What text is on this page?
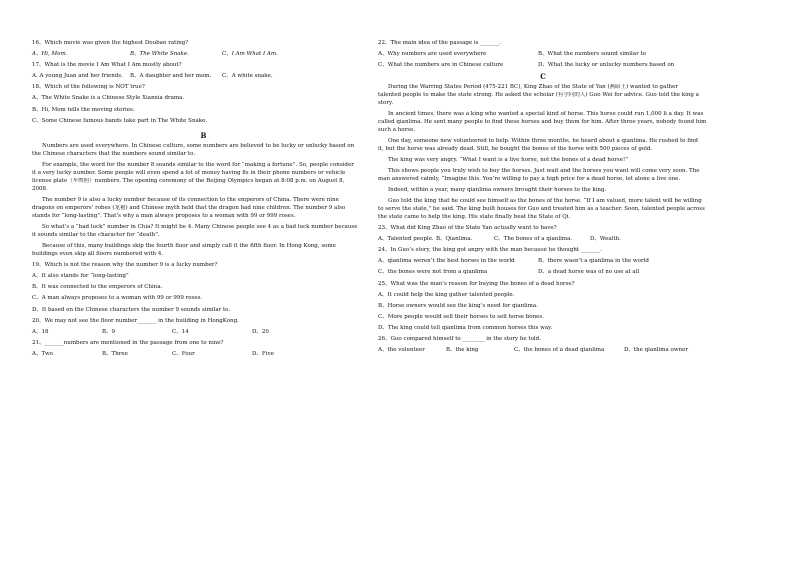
16、Which movie was given the highest Douban rating?
A、Hi, Mom.	B、The White Snake.	C、I Am What I Am.
17、What is the movie I Am What I Am mostly about?
A. A young Juan and her friends.	B、A daughter and her mom.	C、A white snake.
18、Which of the following is NOT true?
A、The White Snake is a Chinese Style Xianxia drama.
B、Hi, Mom tells the moving stories.
C、Some Chinese famous bands take part in The White Snake.
B
Numbers are used everywhere. In Chinese culture, some numbers are believed to be lucky or unlucky based on
the Chinese characters that the numbers sound similar to.
For example, the word for the number 8 sounds similar to the word for “making a fortune”. So, people consider
it a very lucky number. Some people will even spend a lot of money having 8s in their phone numbers or vehicle
license plate（车牌照）numbers. The opening ceremony of the Beijing Olympics began at 8:08 p.m. on August 8,
2008.
The number 9 is also a lucky number because of its connection to the emperors of China. There were nine
dragons on emperors’ robes (龙袍) and Chinese myth held that the dragon had nine children. The number 9 also
stands for “long-lasting”. That’s why a man always proposes to a woman with 99 or 999 roses.
So what’s a “bad luck” number in Chia? It might be 4. Many Chinese people see 4 as a bad luck number because
it sounds similar to the character for “death”.
Because of this, many buildings skip the fourth floor and simply call it the fifth floor. In Hong Kong, some
buildings even skip all floors numbered with 4.
19、Which is not the reason why the number 9 is a lucky number?
A、It also stands for “long-lasting”
B、It was connected to the emperors of China.
C、A man always proposes to a woman with 99 or 999 roses.
D、It based on the Chinese characters the number 9 sounds similar to.
20、We may not see the floor number_______ in the building in HongKong.
A、18	B、9	C、14	D、20
21、_______numbers are mentioned in the passage from one to nine?
A、Two	B、Three	C、Four	D、Five
22、The main idea of the passage is _______.
A、Why numbers are used everywhere	B、What the numbers sound similar to
C、What the numbers are in Chinese culture	D、What the lucky or unlucky numbers based on
C
During the Warring States Period (475-221 BC), King Zhao of the State of Yan (燕昭王) wanted to gather
talented people to make the state strong. He asked the scholar (有学问的人) Guo Wei for advice. Guo told the king a
story.
In ancient times, there was a king who wanted a special kind of horse. This horse could run 1,000 li a day. It was
called qianlima. He sent many people to find these horses and buy them for him. After three years, nobody found him
such a horse.
One day, someone new volunteered to help. Within three months, he heard about a qianlima. He rushed to find
it, but the horse was already dead. Still, he bought the bones of the horse with 500 pieces of gold.
The king was very angry. “What I want is a live horse, not the bones of a dead horse!”
This shows people you truly wish to buy the horses. Just wait and the horses you want will come very soon. The
man answered calmly, “Imagine this. You’re willing to pay a high price for a dead horse, let alone a live one.
Indeed, within a year, many qianlima owners brought their horses to the king.
Guo told the king that he could see himself as the bones of the horse. “If I am valued, more talent will be willing
to serve the state,” he said. The king built houses for Guo and treated him as a teacher. Soon, talented people across
the state came to help the king. His state finally beat the State of Qi.
23、What did King Zhao of the State Yan actually want to have?
A、Talented people. B、Qianlima.	C、The bones of a qianlima.	D、Wealth.
24、In Guo’s story, the king got angry with the man because he thought _______.
A、qianlima weren’t the best horses in the world	B、there wasn’t a qianlima in the world
C、the bones were not from a qianlima	D、a dead horse was of no use at all
25、What was the man’s reason for buying the bones of a dead horse?
A、It could help the king gather talented people.
B、Horse owners would see the king’s need for qianlima.
C、More people would sell their horses to sell horse bones.
D、The king could tell qianlima from common horses this way.
26、Guo compared himself to ________ in the story he told.
A、the volunteer	B、the king	C、the bones of a dead qianlima	D、the qianlima owner
